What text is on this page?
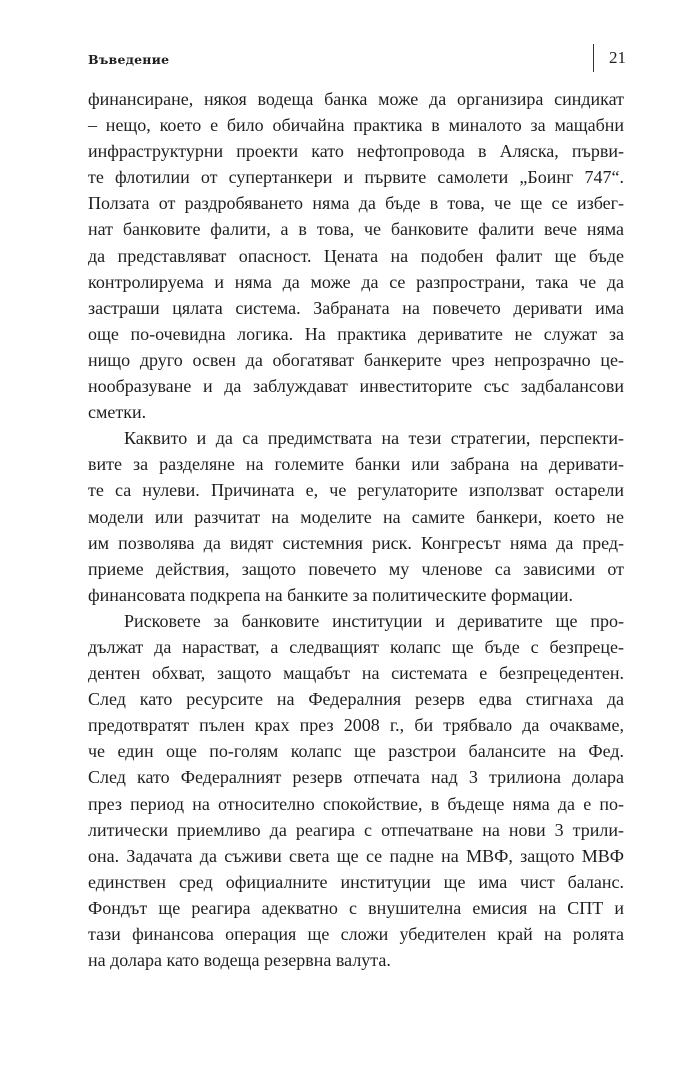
Въведение	21

финансиране, някоя водеща банка може да организира синдикат
– нещо, което е било обичайна практика в миналото за мащабни
инфраструктурни проекти като нефтопровода в Аляска, първи-
те флотилии от супертанкери и първите самолети „Боинг 747“.
Ползата от раздробяването няма да бъде в това, че ще се избег-
нат банковите фалити, а в това, че банковите фалити вече няма
да представляват опасност. Цената на подобен фалит ще бъде
контролируема и няма да може да се разпространи, така че да
застраши цялата система. Забраната на повечето деривати има
още по-очевидна логика. На практика дериватите не служат за
нищо друго освен да обогатяват банкерите чрез непрозрачно це-
нообразуване и да заблуждават инвеститорите със задбалансови
сметки.

Каквито и да са предимствата на тези стратегии, перспекти-
вите за разделяне на големите банки или забрана на деривати-
те са нулеви. Причината е, че регулаторите използват остарели
модели или разчитат на моделите на самите банкери, което не
им позволява да видят системния риск. Конгресът няма да пред-
приеме действия, защото повечето му членове са зависими от
финансовата подкрепа на банките за политическите формации.

Рисковете за банковите институции и дериватите ще про-
дължат да нарастват, а следващият колапс ще бъде с безпреце-
дентен обхват, защото мащабът на системата е безпрецедентен.
След като ресурсите на Федералния резерв едва стигнаха да
предотвратят пълен крах през 2008 г., би трябвало да очакваме,
че един още по-голям колапс ще разстрои балансите на Фед.
След като Федералният резерв отпечата над 3 трилиона долара
през период на относително спокойствие, в бъдеще няма да е по-
литически приемливо да реагира с отпечатване на нови 3 трили-
она. Задачата да съживи света ще се падне на МВФ, защото МВФ
единствен сред официалните институции ще има чист баланс.
Фондът ще реагира адекватно с внушителна емисия на СПТ и
тази финансова операция ще сложи убедителен край на ролята
на долара като водеща резервна валута.
